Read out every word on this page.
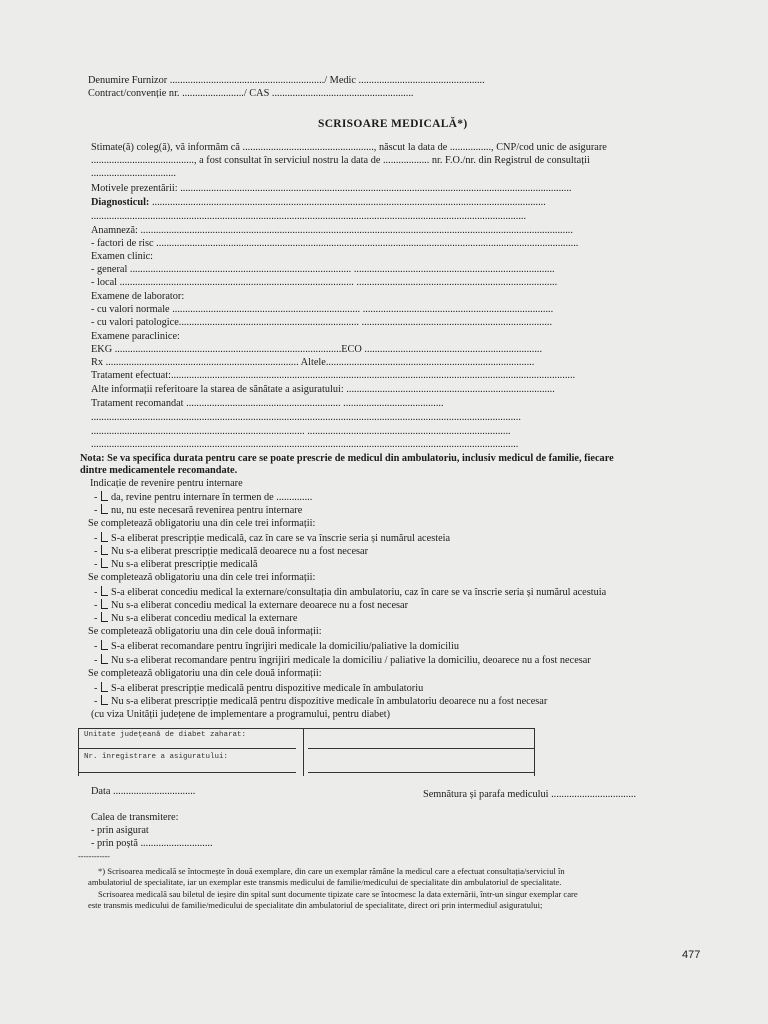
Denumire Furnizor ............................................................/ Medic .................................................
Contract/convenție nr. ......................../ CAS .......................................................
SCRISOARE MEDICALĂ*)
Stimate(ă) coleg(ă), vă informăm că ..................................................., născut la data de ................, CNP/cod unic de asigurare
........................................, a fost consultat în serviciul nostru la data de .................. nr. F.O./nr. din Registrul de consultații
.................................
Motivele prezentării: ........................................................................................................................................................
Diagnosticul: .........................................................................................................................................................
.........................................................................................................................................................................
Anamneză: ........................................................................................................................................................................
- factori de risc ....................................................................................................................................................................
Examen clinic:
- general ...................................................................................... ..............................................................................
- local ........................................................................................... ..............................................................................
Examene de laborator:
- cu valori normale ......................................................................... ..........................................................................
- cu valori patologice...................................................................... ..........................................................................
Examene paraclinice:
EKG ........................................................................................ECO .....................................................................
Rx ........................................................................... Altele.................................................................................
Tratament efectuat:.............................................................................................................................................................
Alte informații referitoare la starea de sănătate a asiguratului: .................................................................................
Tratament recomandat ............................................................ .......................................
.......................................................................................................................................................................
................................................................................... ...............................................................................
......................................................................................................................................................................
Nota: Se va specifica durata pentru care se poate prescrie de medicul din ambulatoriu, inclusiv medicul de familie, fiecare
dintre medicamentele recomandate.
Indicație de revenire pentru internare
- da, revine pentru internare în termen de ..............
- nu, nu este necesară revenirea pentru internare
Se completează obligatoriu una din cele trei informații:
- S-a eliberat prescripție medicală, caz în care se va înscrie seria și numărul acesteia
- Nu s-a eliberat prescripție medicală deoarece nu a fost necesar
- Nu s-a eliberat prescripție medicală
Se completează obligatoriu una din cele trei informații:
- S-a eliberat concediu medical la externare/consultația din ambulatoriu, caz în care se va înscrie seria și numărul acestuia
- Nu s-a eliberat concediu medical la externare deoarece nu a fost necesar
- Nu s-a eliberat concediu medical la externare
Se completează obligatoriu una din cele două informații:
- S-a eliberat recomandare pentru îngrijiri medicale la domiciliu/paliative la domiciliu
- Nu s-a eliberat recomandare pentru îngrijiri medicale la domiciliu / paliative la domiciliu, deoarece nu a fost necesar
Se completează obligatoriu una din cele două informații:
- S-a eliberat prescripție medicală pentru dispozitive medicale în ambulatoriu
- Nu s-a eliberat prescripție medicală pentru dispozitive medicale în ambulatoriu deoarece nu a fost necesar
(cu viza Unității județene de implementare a programului, pentru diabet)
Unitate județeană de diabet zaharat:
Nr. înregistrare a asiguratului:
Data ................................	Semnătura și parafa medicului .................................
Calea de transmitere:
- prin asigurat
- prin poștă ............................
------------
*) Scrisoarea medicală se întocmește în două exemplare, din care un exemplar rămâne la medicul care a efectuat consultația/serviciul în
ambulatoriul de specialitate, iar un exemplar este transmis medicului de familie/medicului de specialitate din ambulatoriul de specialitate.
Scrisoarea medicală sau biletul de ieșire din spital sunt documente tipizate care se întocmesc la data externării, într-un singur exemplar care
este transmis medicului de familie/medicului de specialitate din ambulatoriul de specialitate, direct ori prin intermediul asiguratului;
477
